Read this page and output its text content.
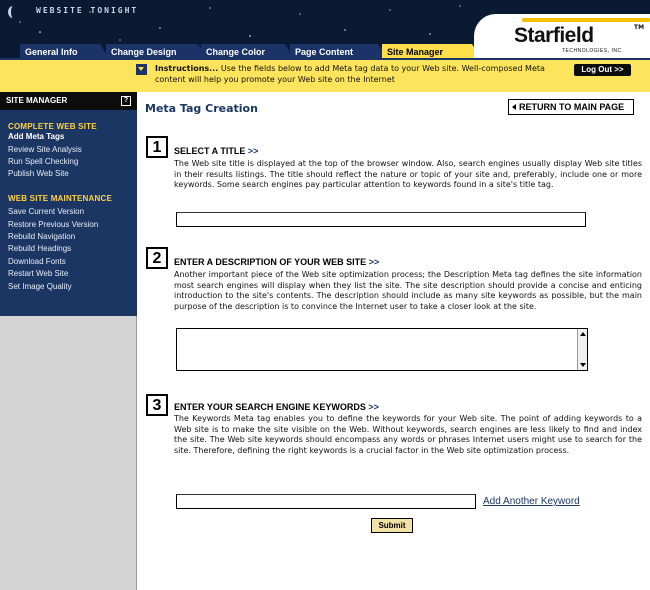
WEBSITE TONIGHT
General Info	Change Design	Change Color	Page Content	Site Manager
Starfield	TM
TECHNOLOGIES, INC.
Instructions... Use the fields below to add Meta tag data to your Web site. Well-composed Meta content will help you promote your Web site on the Internet
Log Out >>
SITE MANAGER	?
COMPLETE WEB SITE
Add Meta Tags
Review Site Analysis
Run Spell Checking
Publish Web Site
WEB SITE MAINTENANCE
Save Current Version
Restore Previous Version
Rebuild Navigation
Rebuild Headings
Download Fonts
Restart Web Site
Set Image Quality
Meta Tag Creation	RETURN TO MAIN PAGE
1	SELECT A TITLE >>
The Web site title is displayed at the top of the browser window. Also, search engines usually display Web site titles in their results listings. The title should reflect the nature or topic of your site and, preferably, include one or more keywords. Some search engines pay particular attention to keywords found in a site's title tag.
2	ENTER A DESCRIPTION OF YOUR WEB SITE >>
Another important piece of the Web site optimization process; the Description Meta tag defines the site information most search engines will display when they list the site. The site description should provide a concise and enticing introduction to the site's contents. The description should include as many site keywords as possible, but the main purpose of the description is to convince the Internet user to take a closer look at the site.
3	ENTER YOUR SEARCH ENGINE KEYWORDS >>
The Keywords Meta tag enables you to define the keywords for your Web site. The point of adding keywords to a Web site is to make the site visible on the Web. Without keywords, search engines are less likely to find and index the site. The Web site keywords should encompass any words or phrases Internet users might use to search for the site. Therefore, defining the right keywords is a crucial factor in the Web site optimization process.
Add Another Keyword
Submit
